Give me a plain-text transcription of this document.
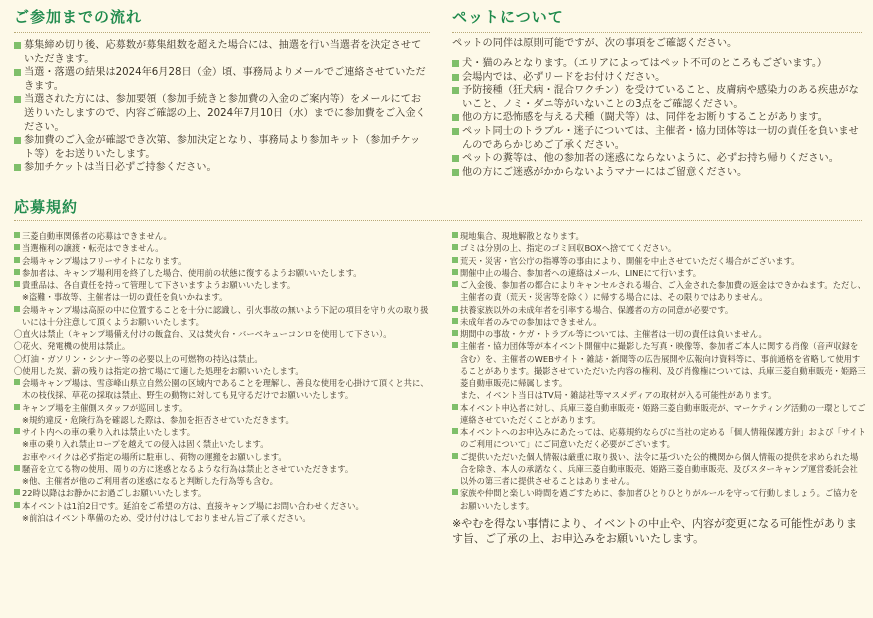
ご参加までの流れ
募集締め切り後、応募数が募集組数を超えた場合には、抽選を行い当選者を決定させていただきます。
当選・落選の結果は2024年6月28日（金）頃、事務局よりメールでご連絡させていただきます。
当選された方には、参加要領（参加手続きと参加費の入金のご案内等）をメールにてお送りいたしますので、内容ご確認の上、2024年7月10日（水）までに参加費をご入金ください。
参加費のご入金が確認でき次第、参加決定となり、事務局より参加キット（参加チケット等）をお送りいたします。
参加チケットは当日必ずご持参ください。
ペットについて

ペットの同伴は原則可能ですが、次の事項をご確認ください。

犬・猫のみとなります。（エリアによってはペット不可のところもございます。）
会場内では、必ずリードをお付けください。
予防接種（狂犬病・混合ワクチン）を受けていること、皮膚病や感染力のある疾患がないこと、ノミ・ダニ等がいないことの3点をご確認ください。
他の方に恐怖感を与える犬種（闘犬等）は、同伴をお断りすることがあります。
ペット同士のトラブル・迷子については、主催者・協力団体等は一切の責任を負いませんのであらかじめご了承ください。
ペットの糞等は、他の参加者の迷惑にならないように、必ずお持ち帰りください。
他の方にご迷惑がかからないようマナーにはご留意ください。
応募規約
三菱自動車関係者の応募はできません。
当選権利の譲渡・転売はできません。
会場キャンプ場はフリーサイトになります。
参加者は、キャンプ場利用を終了した場合、使用前の状態に復するようお願いいたします。
貴重品は、各自責任を持って管理して下さいますようお願いいたします。
※盗難・事故等、主催者は一切の責任を負いかねます。
会場キャンプ場は高原の中に位置することを十分に認識し、引火事故の無いよう下記の項目を守り火の取り扱いには十分注意して頂くようお願いいたします。
〇直火は禁止（キャンプ場備え付けの飯盒台、又は焚火台・バーベキューコンロを使用して下さい）。
〇花火、発電機の使用は禁止。
〇灯油・ガソリン・シンナー等の必要以上の可燃物の持込は禁止。
〇使用した炭、薪の残りは指定の捨て場にて適した処理をお願いいたします。
会場キャンプ場は、雪彦峰山県立自然公園の区域内であることを理解し、善良な使用を心掛けて頂くと共に、木の枝伐採、草花の採取は禁止、野生の動物に対しても見守るだけでお願いいたします。
キャンプ場を主催側スタッフが巡回します。
※規約違反・危険行為を確認した際は、参加を拒否させていただきます。
サイト内への車の乗り入れは禁止いたします。
※車の乗り入れ禁止ロープを越えての侵入は固く禁止いたします。
お車やバイクは必ず指定の場所に駐車し、荷物の運搬をお願いします。
騒音を立てる物の使用、周りの方に迷惑となるような行為は禁止とさせていただきます。
※他、主催者が他のご利用者の迷惑になると判断した行為等も含む。
22時以降はお静かにお過ごしお願いいたします。
本イベントは1泊2日です。延泊をご希望の方は、直接キャンプ場にお問い合わせください。
※前泊はイベント準備のため、受け付けはしておりません旨ご了承ください。
現地集合、現地解散となります。
ゴミは分別の上、指定のゴミ回収BOXへ捨ててください。
荒天・災害・官公庁の指導等の事由により、開催を中止させていただく場合がございます。
開催中止の場合、参加者への連絡はメール、LINEにて行います。
ご入金後、参加者の都合によりキャンセルされる場合、ご入金された参加費の返金はできかねます。ただし、主催者の責（荒天・災害等を除く）に帰する場合には、その限りではありません。
扶養家族以外の未成年者を引率する場合、保護者の方の同意が必要です。
未成年者のみでの参加はできません。
期間中の事故・ケガ・トラブル等については、主催者は一切の責任は負いません。
主催者・協力団体等が本イベント開催中に撮影した写真・映像等、参加者ご本人に関する肖像（音声収録を含む）を、主催者のWEBサイト・雑誌・新聞等の広告展開や広報向け資料等に、事前通格を省略して使用することがあります。撮影させていただいた内容の権利、及び肖像権については、兵庫三菱自動車販売・姫路三菱自動車販売に帰属します。
また、イベント当日はTV局・雑誌社等マスメディアの取材が入る可能性があります。
本イベント申込者に対し、兵庫三菱自動車販売・姫路三菱自動車販売が、マーケティング活動の一環としてご連絡させていただくことがあります。
本イベントへのお申込みにあたっては、応募規約ならびに当社の定める「個人情報保護方針」および「サイトのご利用について」にご同意いただく必要がございます。
ご提供いただいた個人情報は厳重に取り扱い、法令に基づいた公的機関から個人情報の提供を求められた場合を除き、本人の承諾なく、兵庫三菱自動車販売、姫路三菱自動車販売、及びスターキャンプ運営委託会社以外の第三者に提供させることはありません。
家族や仲間と楽しい時間を過ごすために、参加者ひとりひとりがルールを守って行動しましょう。ご協力をお願いいたします。
※やむを得ない事情により、イベントの中止や、内容が変更になる可能性があります旨、ご了承の上、お申込みをお願いいたします。
